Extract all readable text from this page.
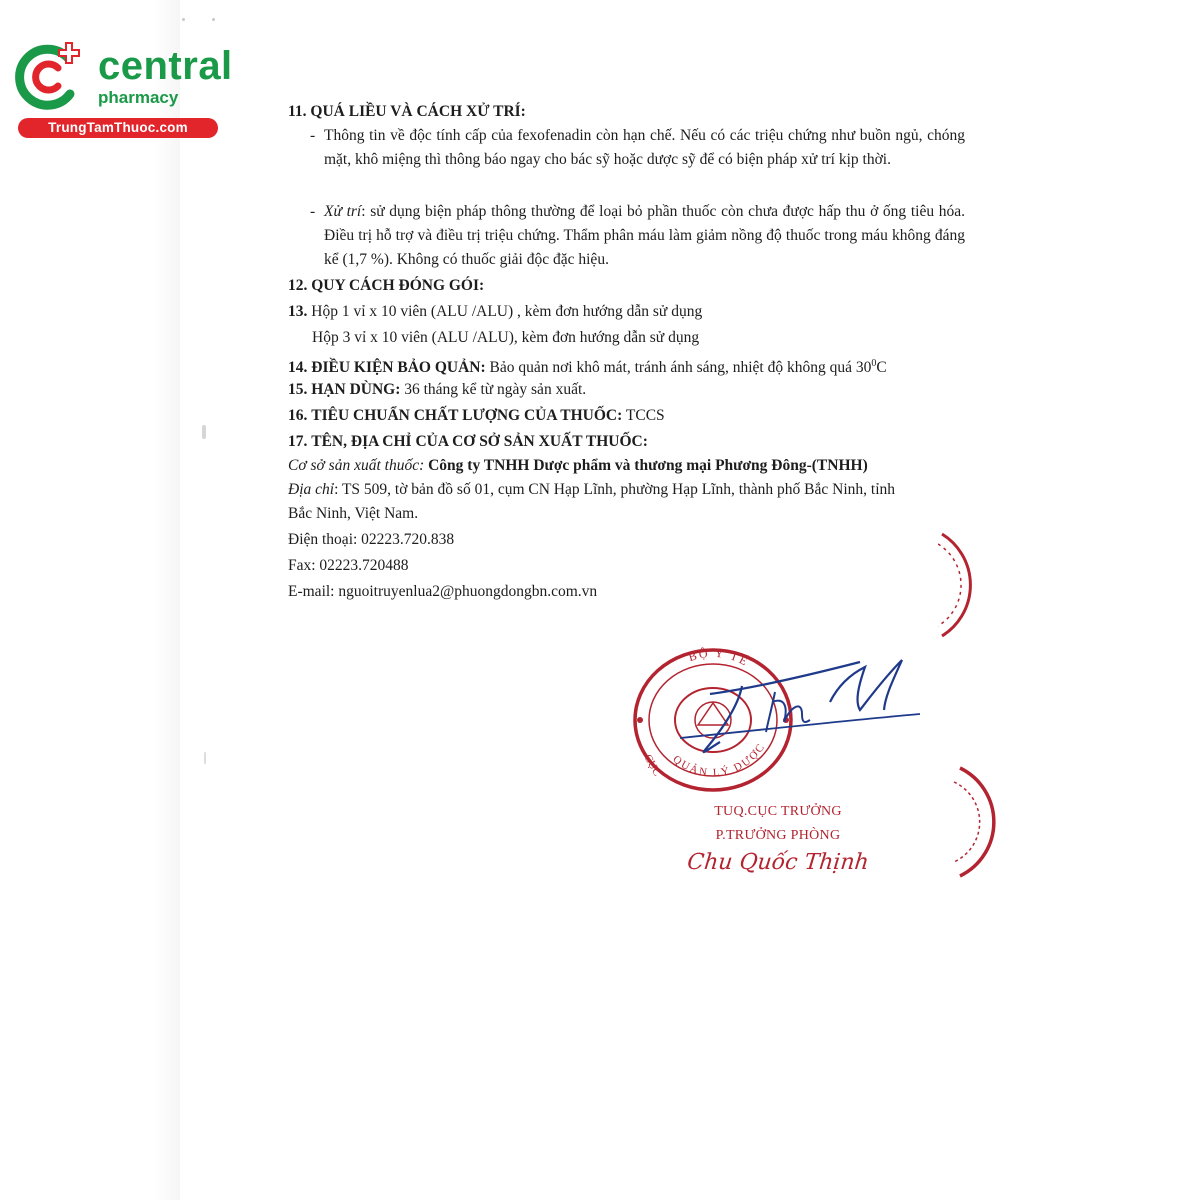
central
pharmacy
TrungTamThuoc.com
11. QUÁ LIỀU VÀ CÁCH XỬ TRÍ:
- Thông tin về độc tính cấp của fexofenadin còn hạn chế. Nếu có các triệu chứng như buồn ngủ, chóng mặt, khô miệng thì thông báo ngay cho bác sỹ hoặc dược sỹ để có biện pháp xử trí kịp thời.
- Xử trí: sử dụng biện pháp thông thường để loại bỏ phần thuốc còn chưa được hấp thu ở ống tiêu hóa. Điều trị hỗ trợ và điều trị triệu chứng. Thẩm phân máu làm giảm nồng độ thuốc trong máu không đáng kể (1,7 %). Không có thuốc giải độc đặc hiệu.
12. QUY CÁCH ĐÓNG GÓI:
13. Hộp 1 vỉ x 10 viên (ALU /ALU) , kèm đơn hướng dẫn sử dụng
Hộp 3 vỉ x 10 viên (ALU /ALU), kèm đơn hướng dẫn sử dụng
14. ĐIỀU KIỆN BẢO QUẢN: Bảo quản nơi khô mát, tránh ánh sáng, nhiệt độ không quá $30^0C$
15. HẠN DÙNG: 36 tháng kể từ ngày sản xuất.
16. TIÊU CHUẨN CHẤT LƯỢNG CỦA THUỐC: TCCS
17. TÊN, ĐỊA CHỈ CỦA CƠ SỞ SẢN XUẤT THUỐC:
Cơ sở sản xuất thuốc: Công ty TNHH Dược phẩm và thương mại Phương Đông-(TNHH)
Địa chỉ: TS 509, tờ bản đồ số 01, cụm CN Hạp Lĩnh, phường Hạp Lĩnh, thành phố Bắc Ninh, tỉnh
Bắc Ninh, Việt Nam.
Điện thoại: 02223.720.838
Fax: 02223.720488
E-mail: nguoitruyenlua2@phuongdongbn.com.vn
BỘ Y TẾ
CỤC QUẢN LÝ DƯỢC
TUQ.CỤC TRƯỞNG
P.TRƯỞNG PHÒNG
Chu Quốc Thịnh
